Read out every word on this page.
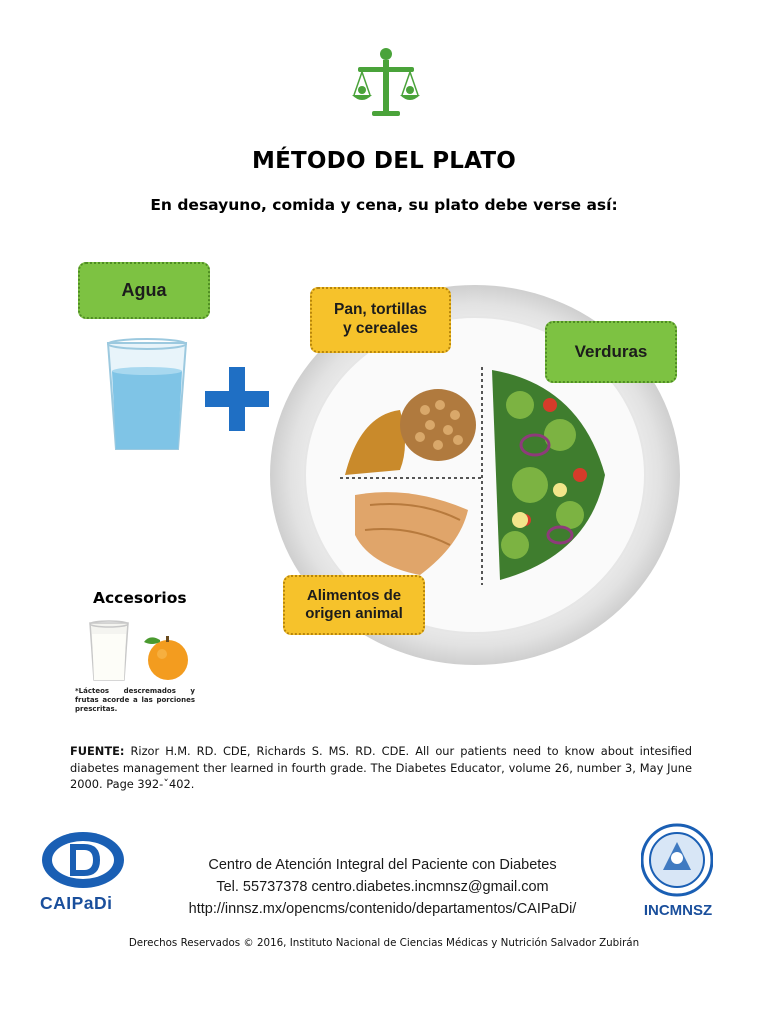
MÉTODO DEL PLATO
En desayuno, comida y cena, su plato debe verse así:
Agua
Verduras
Pan, tortillas
y cereales
Alimentos de
origen animal
Accesorios
*Lácteos descremados y frutas acorde a las porciones prescritas.
FUENTE: Rizor H.M. RD. CDE, Richards S. MS. RD. CDE. All our patients need to know about intesified diabetes management ther learned in fourth grade. The Diabetes Educator, volume 26, number 3, May June 2000. Page 392-ˇ402.
CAIPaDi
Centro de Atención Integral del Paciente con Diabetes
Tel. 55737378 centro.diabetes.incmnsz@gmail.com
http://innsz.mx/opencms/contenido/departamentos/CAIPaDi/	INCMNSZ
Derechos Reservados © 2016, Instituto Nacional de Ciencias Médicas y Nutrición Salvador Zubirán
